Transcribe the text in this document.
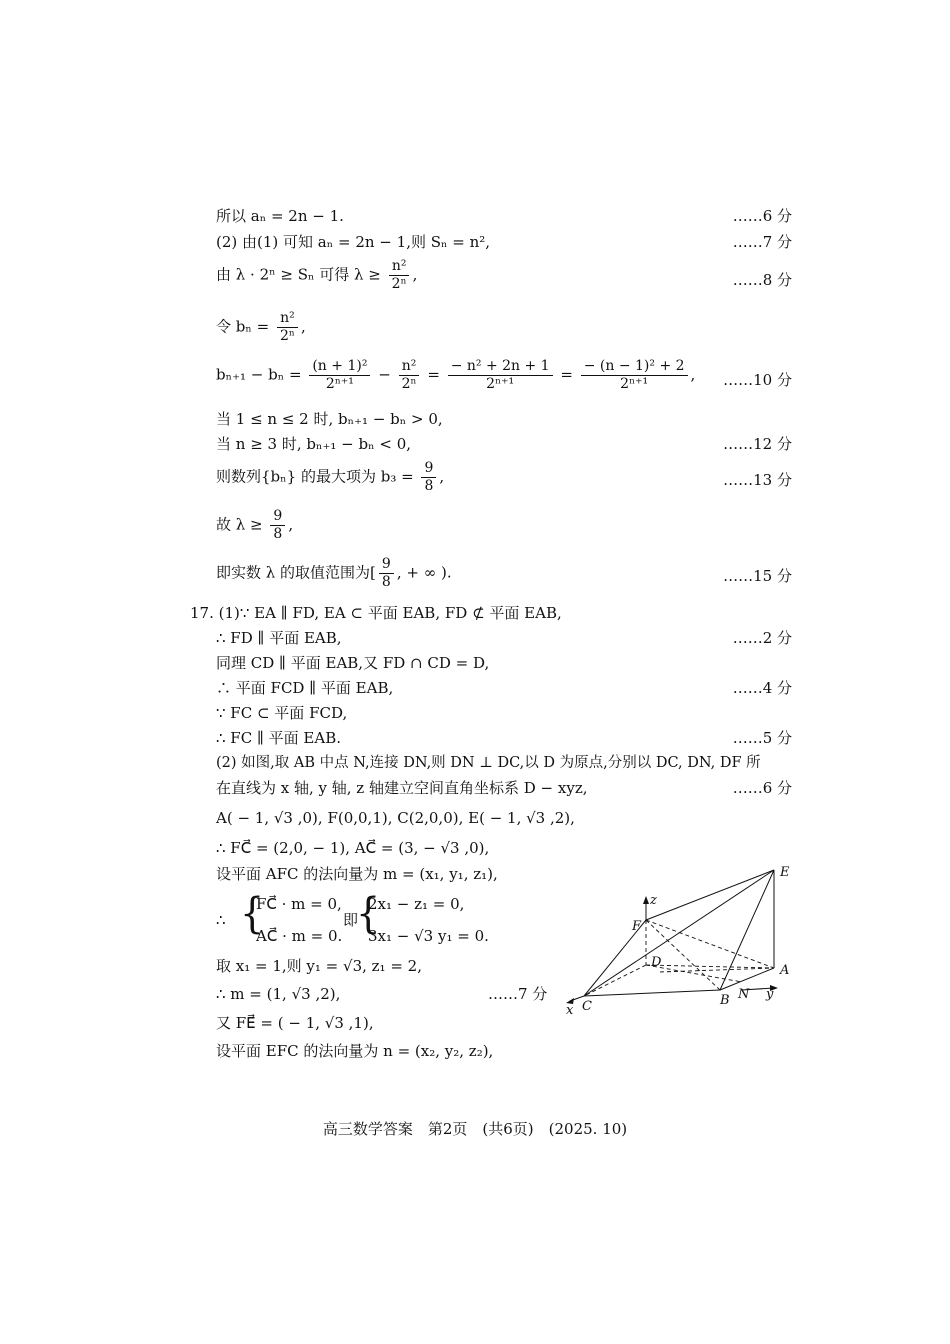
所以 aₙ = 2n − 1.	……6 分
(2) 由(1) 可知 aₙ = 2n − 1,则 Sₙ = n²,	……7 分
由 λ · 2ⁿ ≥ Sₙ 可得 $\lambda \ge \frac{\text{n²}}{\text{2ⁿ}}$ ,	……8 分
令 $b_n = \frac{\text{n²}}{\text{2ⁿ}}$ ,
$b_{n+1} - b_n = \frac{\text{(n + 1)²}}{\text{2ⁿ⁺¹}} - \frac{\text{n²}}{\text{2ⁿ}} = \frac{\text{− n² + 2n + 1}}{\text{2ⁿ⁺¹}} = \frac{\text{− (n − 1)² + 2}}{\text{2ⁿ⁺¹}}$ , ……10 分
当 1 ≤ n ≤ 2 时, bₙ₊₁ − bₙ > 0,
当 n ≥ 3 时, bₙ₊₁ − bₙ < 0,	……12 分
则数列{bₙ} 的最大项为 $b_3 = \frac{9}{8}$ ,	……13 分
故 $\lambda \ge \frac{9}{8}$ ,
即实数 λ 的取值范围为[ $\frac{9}{8}$ , + ∞ ).	……15 分
17. (1)∵ EA ∥ FD, EA ⊂ 平面 EAB, FD ⊄ 平面 EAB,
∴ FD ∥ 平面 EAB,	……2 分
同理 CD ∥ 平面 EAB,又 FD ∩ CD = D,
∴ 平面 FCD ∥ 平面 EAB,	……4 分
∵ FC ⊂ 平面 FCD,
∴ FC ∥ 平面 EAB.	……5 分
(2) 如图,取 AB 中点 N,连接 DN,则 DN ⊥ DC,以 D 为原点,分别以 DC, DN, DF 所
在直线为 x 轴, y 轴, z 轴建立空间直角坐标系 D − xyz,	……6 分
A( − 1, √3 ,0), F(0,0,1), C(2,0,0), E( − 1, √3 ,2),
∴ FC⃗ = (2,0, − 1), AC⃗ = (3, − √3 ,0),
设平面 AFC 的法向量为 m = (x₁, y₁, z₁),
∴ {
FC⃗ · m = 0,
AC⃗ · m = 0.
即
{
2x₁ − z₁ = 0,
3x₁ − √3 y₁ = 0.
取 x₁ = 1,则 y₁ = √3, z₁ = 2,
∴ m = (1, √3 ,2),	……7 分
又 FE⃗ = ( − 1, √3 ,1),
设平面 EFC 的法向量为 n = (x₂, y₂, z₂),
E
F
D
A
B
C
N
x
y
z
高三数学答案　第2页　(共6页)　(2025. 10)
